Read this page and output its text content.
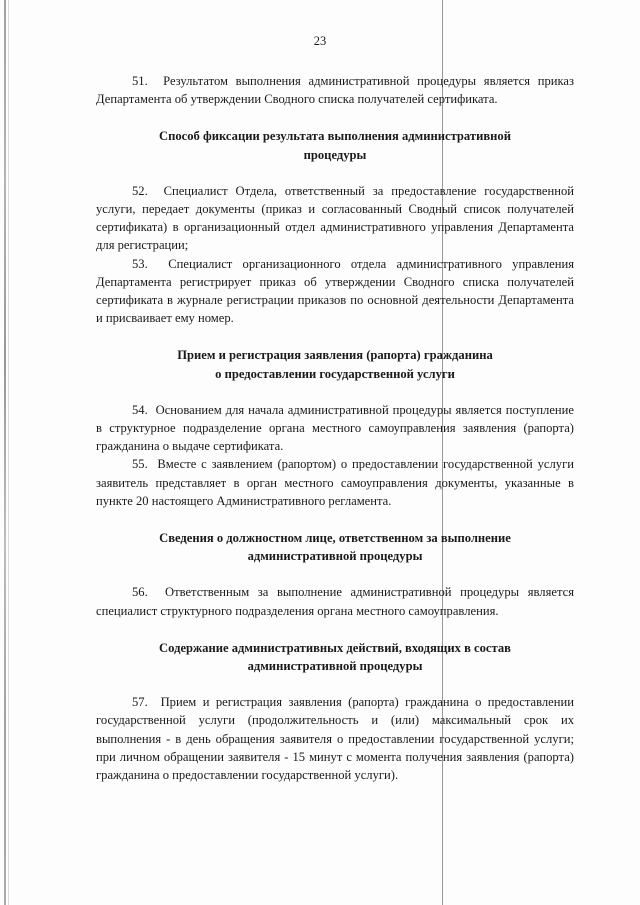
23

51.  Результатом выполнения административной процедуры является приказ Департамента об утверждении Сводного списка получателей сертификата.

Способ фиксации результата выполнения административной
процедуры

52.  Специалист Отдела, ответственный за предоставление государственной услуги, передает документы (приказ и согласованный Сводный список получателей сертификата) в организационный отдел административного управления Департамента для регистрации;

53.  Специалист организационного отдела административного управления Департамента регистрирует приказ об утверждении Сводного списка получателей сертификата в журнале регистрации приказов по основной деятельности Департамента и присваивает ему номер.

Прием и регистрация заявления (рапорта) гражданина
о предоставлении государственной услуги

54.  Основанием для начала административной процедуры является поступление в структурное подразделение органа местного самоуправления заявления (рапорта) гражданина о выдаче сертификата.

55.  Вместе с заявлением (рапортом) о предоставлении государственной услуги заявитель представляет в орган местного самоуправления документы, указанные в пункте 20 настоящего Административного регламента.

Сведения о должностном лице, ответственном за выполнение
административной процедуры

56.  Ответственным за выполнение административной процедуры является специалист структурного подразделения органа местного самоуправления.

Содержание административных действий, входящих в состав
административной процедуры

57.  Прием и регистрация заявления (рапорта) гражданина о предоставлении государственной услуги (продолжительность и (или) максимальный срок их выполнения - в день обращения заявителя о предоставлении государственной услуги; при личном обращении заявителя - 15 минут с момента получения заявления (рапорта) гражданина о предоставлении государственной услуги).
